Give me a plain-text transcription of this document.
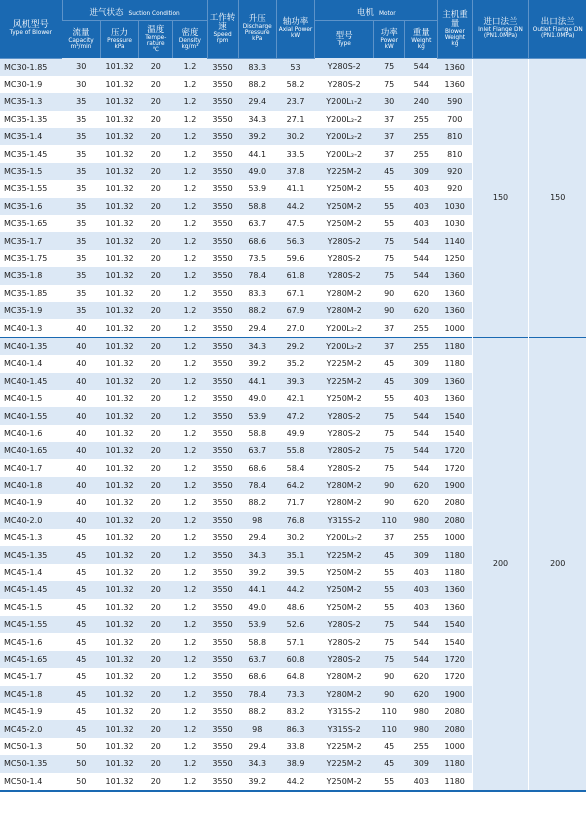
风机型号
Type of Blower	进气状态 Suction Condition				工作转速
Speed
rpm	升压
Discharge Pressure
kPa	轴功率
Axial Power
kW	电机 Motor			主机重量
Blower Weight
kg	进口法兰
Inlet Flange DN
(PN1.0MPa)	出口法兰
Outlet Flange DN
(PN1.0MPa)

	流量
Capacity
m³/min	压力
Pressure
kPa	温度
Tempe-rature
℃	密度
Density
kg/m³				型号
Type	功率
Power
kW	重量
Weight
kg			

MC30-1.85	30	101.32	20	1.2	3550	83.3	53	Y280S-2	75	544	1360	150	150
MC30-1.9	30	101.32	20	1.2	3550	88.2	58.2	Y280S-2	75	544	1360		
MC35-1.3	35	101.32	20	1.2	3550	29.4	23.7	Y200L₁-2	30	240	590		
MC35-1.35	35	101.32	20	1.2	3550	34.3	27.1	Y200L₂-2	37	255	700		
MC35-1.4	35	101.32	20	1.2	3550	39.2	30.2	Y200L₂-2	37	255	810		
MC35-1.45	35	101.32	20	1.2	3550	44.1	33.5	Y200L₂-2	37	255	810		
MC35-1.5	35	101.32	20	1.2	3550	49.0	37.8	Y225M-2	45	309	920		
MC35-1.55	35	101.32	20	1.2	3550	53.9	41.1	Y250M-2	55	403	920		
MC35-1.6	35	101.32	20	1.2	3550	58.8	44.2	Y250M-2	55	403	1030		
MC35-1.65	35	101.32	20	1.2	3550	63.7	47.5	Y250M-2	55	403	1030		
MC35-1.7	35	101.32	20	1.2	3550	68.6	56.3	Y280S-2	75	544	1140		
MC35-1.75	35	101.32	20	1.2	3550	73.5	59.6	Y280S-2	75	544	1250		
MC35-1.8	35	101.32	20	1.2	3550	78.4	61.8	Y280S-2	75	544	1360		
MC35-1.85	35	101.32	20	1.2	3550	83.3	67.1	Y280M-2	90	620	1360		
MC35-1.9	35	101.32	20	1.2	3550	88.2	67.9	Y280M-2	90	620	1360		
MC40-1.3	40	101.32	20	1.2	3550	29.4	27.0	Y200L₂-2	37	255	1000		
MC40-1.35	40	101.32	20	1.2	3550	34.3	29.2	Y200L₂-2	37	255	1180	200	200
MC40-1.4	40	101.32	20	1.2	3550	39.2	35.2	Y225M-2	45	309	1180		
MC40-1.45	40	101.32	20	1.2	3550	44.1	39.3	Y225M-2	45	309	1360		
MC40-1.5	40	101.32	20	1.2	3550	49.0	42.1	Y250M-2	55	403	1360		
MC40-1.55	40	101.32	20	1.2	3550	53.9	47.2	Y280S-2	75	544	1540		
MC40-1.6	40	101.32	20	1.2	3550	58.8	49.9	Y280S-2	75	544	1540		
MC40-1.65	40	101.32	20	1.2	3550	63.7	55.8	Y280S-2	75	544	1720		
MC40-1.7	40	101.32	20	1.2	3550	68.6	58.4	Y280S-2	75	544	1720		
MC40-1.8	40	101.32	20	1.2	3550	78.4	64.2	Y280M-2	90	620	1900		
MC40-1.9	40	101.32	20	1.2	3550	88.2	71.7	Y280M-2	90	620	2080		
MC40-2.0	40	101.32	20	1.2	3550	98	76.8	Y315S-2	110	980	2080		
MC45-1.3	45	101.32	20	1.2	3550	29.4	30.2	Y200L₂-2	37	255	1000		
MC45-1.35	45	101.32	20	1.2	3550	34.3	35.1	Y225M-2	45	309	1180		
MC45-1.4	45	101.32	20	1.2	3550	39.2	39.5	Y250M-2	55	403	1180		
MC45-1.45	45	101.32	20	1.2	3550	44.1	44.2	Y250M-2	55	403	1360		
MC45-1.5	45	101.32	20	1.2	3550	49.0	48.6	Y250M-2	55	403	1360		
MC45-1.55	45	101.32	20	1.2	3550	53.9	52.6	Y280S-2	75	544	1540		
MC45-1.6	45	101.32	20	1.2	3550	58.8	57.1	Y280S-2	75	544	1540		
MC45-1.65	45	101.32	20	1.2	3550	63.7	60.8	Y280S-2	75	544	1720		
MC45-1.7	45	101.32	20	1.2	3550	68.6	64.8	Y280M-2	90	620	1720		
MC45-1.8	45	101.32	20	1.2	3550	78.4	73.3	Y280M-2	90	620	1900		
MC45-1.9	45	101.32	20	1.2	3550	88.2	83.2	Y315S-2	110	980	2080		
MC45-2.0	45	101.32	20	1.2	3550	98	86.3	Y315S-2	110	980	2080		
MC50-1.3	50	101.32	20	1.2	3550	29.4	33.8	Y225M-2	45	255	1000		
MC50-1.35	50	101.32	20	1.2	3550	34.3	38.9	Y225M-2	45	309	1180		
MC50-1.4	50	101.32	20	1.2	3550	39.2	44.2	Y250M-2	55	403	1180		
